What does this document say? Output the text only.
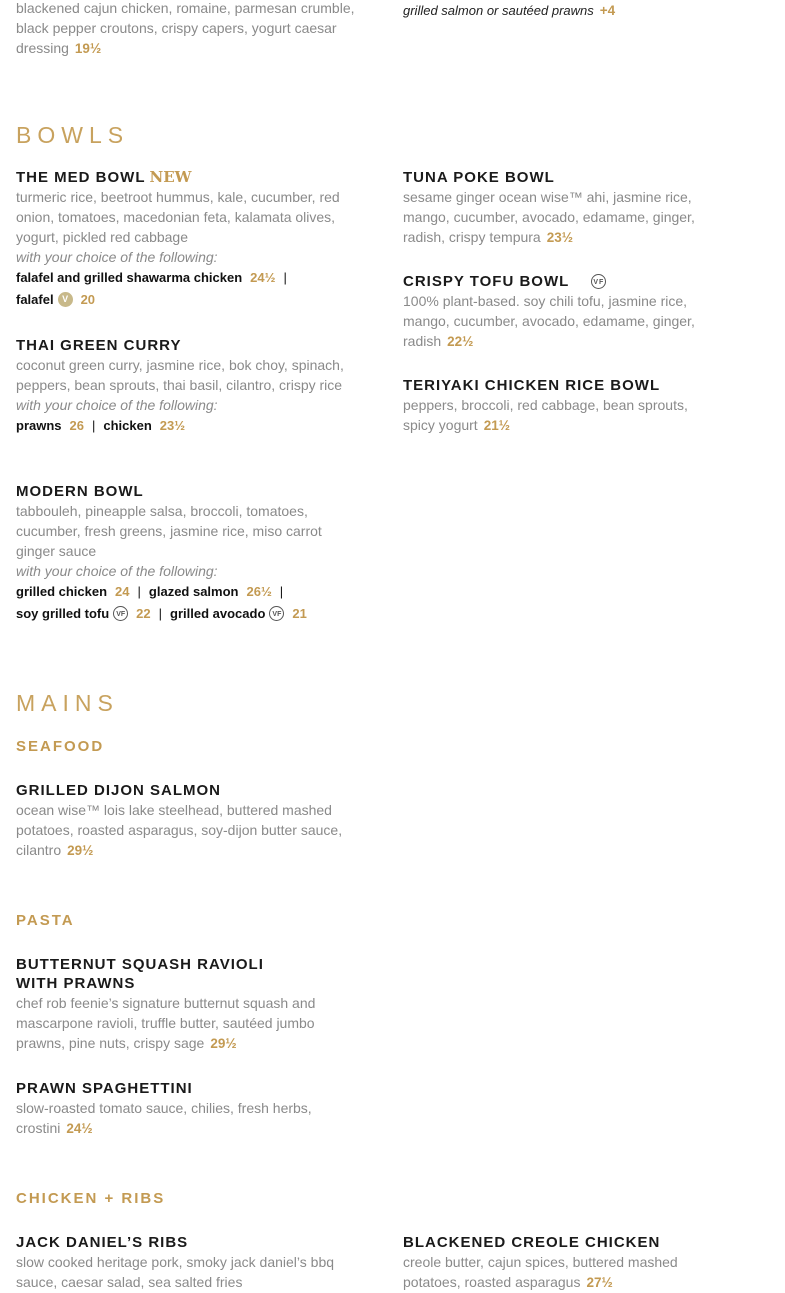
blackened cajun chicken, romaine, parmesan crumble, black pepper croutons, crispy capers, yogurt caesar dressing 19½

grilled salmon or sautéed prawns +4

BOWLS

THE MED BOWL NEW

turmeric rice, beetroot hummus, kale, cucumber, red onion, tomatoes, macedonian feta, kalamata olives, yogurt, pickled red cabbage

with your choice of the following:
falafel and grilled shawarma chicken 24½ |
falafel V 20

THAI GREEN CURRY

coconut green curry, jasmine rice, bok choy, spinach, peppers, bean sprouts, thai basil, cilantro, crispy rice

with your choice of the following:
prawns 26 | chicken 23½

MODERN BOWL

tabbouleh, pineapple salsa, broccoli, tomatoes, cucumber, fresh greens, jasmine rice, miso carrot ginger sauce

with your choice of the following:
grilled chicken 24 | glazed salmon 26½ |
soy grilled tofu VF 22 | grilled avocado VF 21

TUNA POKE BOWL

sesame ginger ocean wise™ ahi, jasmine rice, mango, cucumber, avocado, edamame, ginger, radish, crispy tempura 23½

CRISPY TOFU BOWL	VF

100% plant-based. soy chili tofu, jasmine rice, mango, cucumber, avocado, edamame, ginger, radish 22½

TERIYAKI CHICKEN RICE BOWL

peppers, broccoli, red cabbage, bean sprouts, spicy yogurt 21½

MAINS
SEAFOOD

GRILLED DIJON SALMON

ocean wise™ lois lake steelhead, buttered mashed potatoes, roasted asparagus, soy-dijon butter sauce, cilantro 29½

PASTA

BUTTERNUT SQUASH RAVIOLI
WITH PRAWNS

chef rob feenie’s signature butternut squash and mascarpone ravioli, truffle butter, sautéed jumbo prawns, pine nuts, crispy sage 29½

PRAWN SPAGHETTINI

slow-roasted tomato sauce, chilies, fresh herbs, crostini 24½

CHICKEN + RIBS

JACK DANIEL’S RIBS

slow cooked heritage pork, smoky jack daniel’s bbq sauce, caesar salad, sea salted fries

BLACKENED CREOLE CHICKEN

creole butter, cajun spices, buttered mashed potatoes, roasted asparagus 27½
